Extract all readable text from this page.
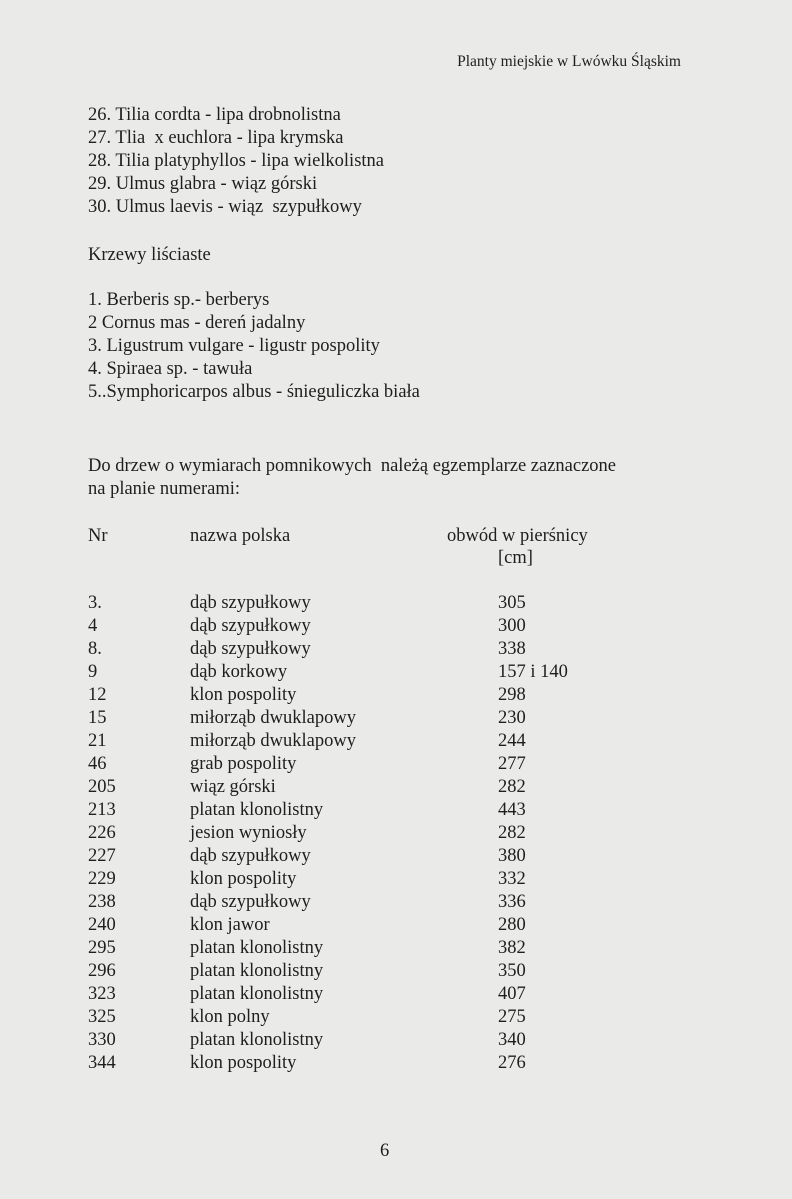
Planty miejskie w Lwówku Śląskim
26. Tilia cordta - lipa drobnolistna
27. Tlia  x euchlora - lipa krymska
28. Tilia platyphyllos - lipa wielkolistna
29. Ulmus glabra - wiąz górski
30. Ulmus laevis - wiąz  szypułkowy
Krzewy liściaste
1. Berberis sp.- berberys
2 Cornus mas - dereń jadalny
3. Ligustrum vulgare - ligustr pospolity
4. Spiraea sp. - tawuła
5..Symphoricarpos albus - śnieguliczka biała
Do drzew o wymiarach pomnikowych  należą egzemplarze zaznaczone
na planie numerami:
Nr	nazwa polska	obwód w pierśnicy
[cm]
3.	dąb szypułkowy	305
4	dąb szypułkowy	300
8.	dąb szypułkowy	338
9	dąb korkowy	157 i 140
12	klon pospolity	298
15	miłorząb dwuklapowy	230
21	miłorząb dwuklapowy	244
46	grab pospolity	277
205	wiąz górski	282
213	platan klonolistny	443
226	jesion wyniosły	282
227	dąb szypułkowy	380
229	klon pospolity	332
238	dąb szypułkowy	336
240	klon jawor	280
295	platan klonolistny	382
296	platan klonolistny	350
323	platan klonolistny	407
325	klon polny	275
330	platan klonolistny	340
344	klon pospolity	276
6
